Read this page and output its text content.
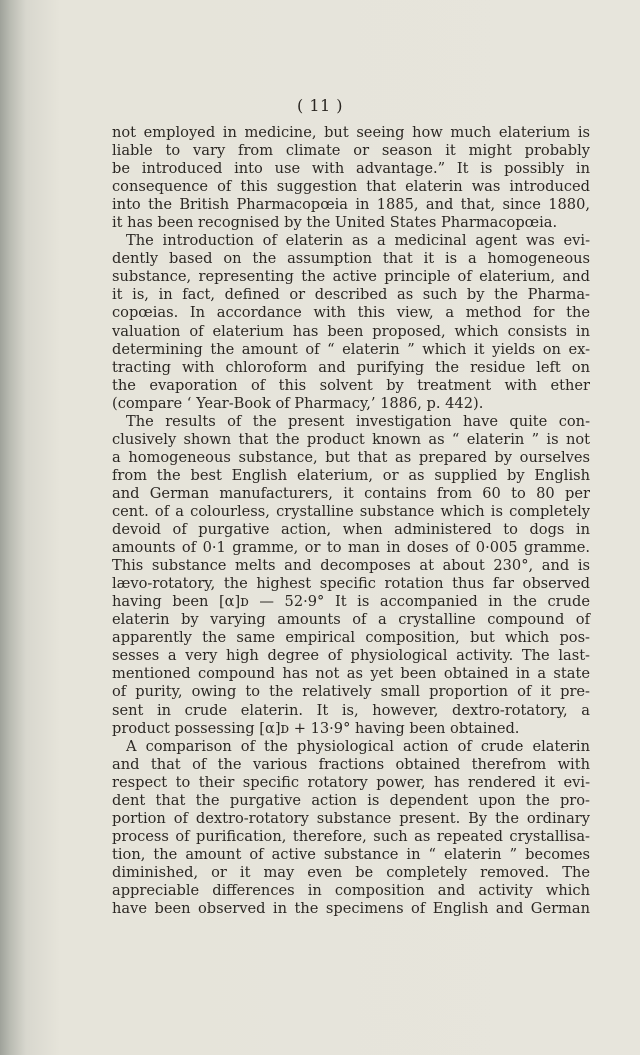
( 11 )
not employed in medicine, but seeing how much elaterium is
liable to vary from climate or season it might probably
be introduced into use with advantage.” It is possibly in
consequence of this suggestion that elaterin was introduced
into the British Pharmacopœia in 1885, and that, since 1880,
it has been recognised by the United States Pharmacopœia.
The introduction of elaterin as a medicinal agent was evi-
dently based on the assumption that it is a homogeneous
substance, representing the active principle of elaterium, and
it is, in fact, defined or described as such by the Pharma-
copœias. In accordance with this view, a method for the
valuation of elaterium has been proposed, which consists in
determining the amount of “ elaterin ” which it yields on ex-
tracting with chloroform and purifying the residue left on
the evaporation of this solvent by treatment with ether
(compare ‘ Year-Book of Pharmacy,’ 1886, p. 442).
The results of the present investigation have quite con-
clusively shown that the product known as “ elaterin ” is not
a homogeneous substance, but that as prepared by ourselves
from the best English elaterium, or as supplied by English
and German manufacturers, it contains from 60 to 80 per
cent. of a colourless, crystalline substance which is completely
devoid of purgative action, when administered to dogs in
amounts of 0·1 gramme, or to man in doses of 0·005 gramme.
This substance melts and decomposes at about 230°, and is
lævo-rotatory, the highest specific rotation thus far observed
having been [α]ᴅ — 52·9° It is accompanied in the crude
elaterin by varying amounts of a crystalline compound of
apparently the same empirical composition, but which pos-
sesses a very high degree of physiological activity. The last-
mentioned compound has not as yet been obtained in a state
of purity, owing to the relatively small proportion of it pre-
sent in crude elaterin. It is, however, dextro-rotatory, a
product possessing [α]ᴅ + 13·9° having been obtained.
A comparison of the physiological action of crude elaterin
and that of the various fractions obtained therefrom with
respect to their specific rotatory power, has rendered it evi-
dent that the purgative action is dependent upon the pro-
portion of dextro-rotatory substance present. By the ordinary
process of purification, therefore, such as repeated crystallisa-
tion, the amount of active substance in “ elaterin ” becomes
diminished, or it may even be completely removed. The
appreciable differences in composition and activity which
have been observed in the specimens of English and German
